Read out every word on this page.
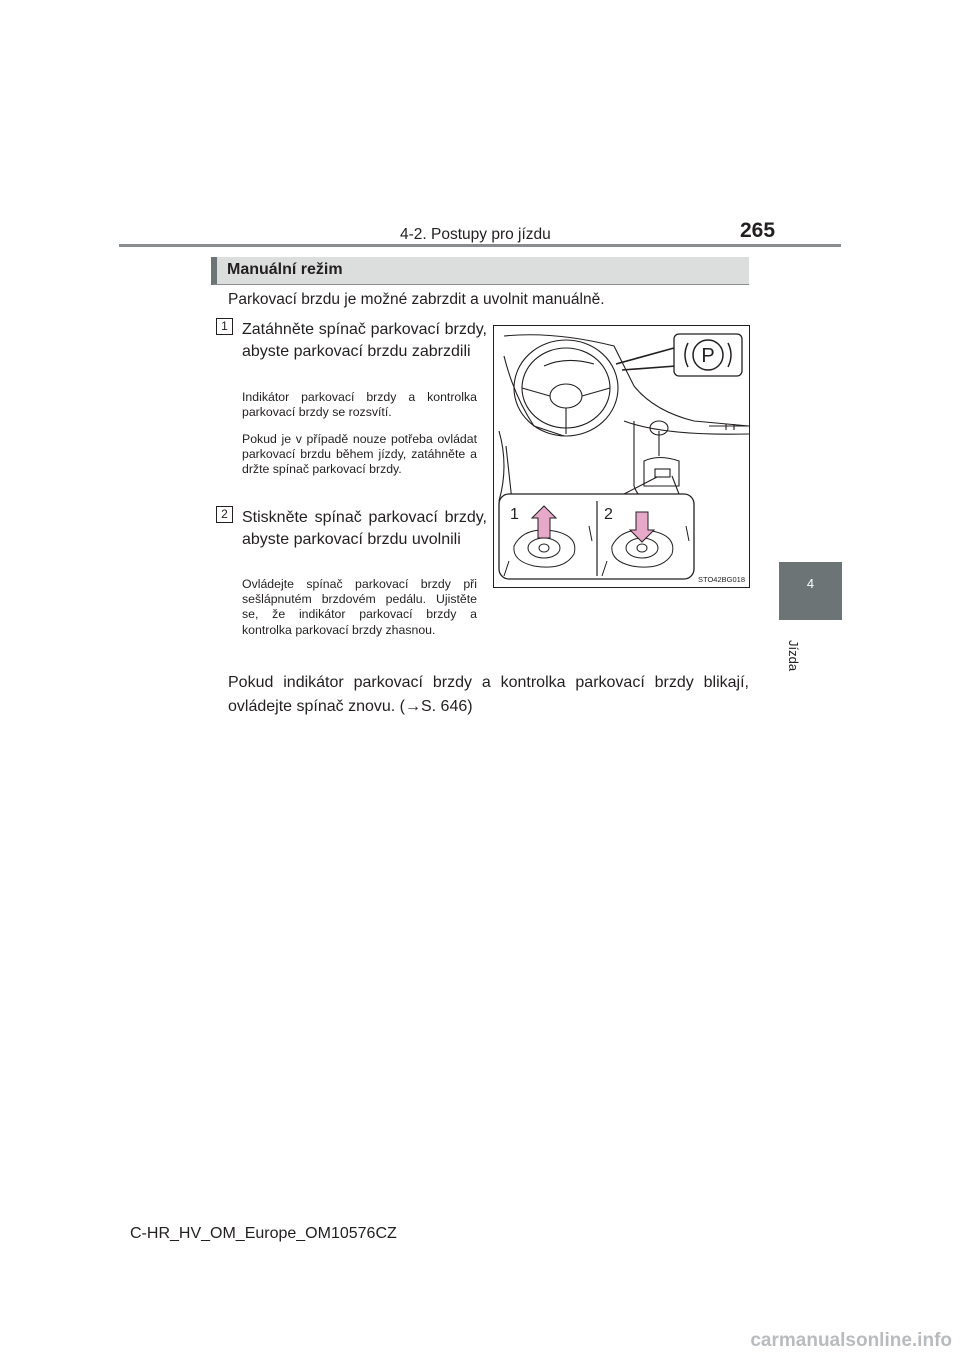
4-2. Postupy pro jízdu	265
4
Jízda
Manuální režim
Parkovací brzdu je možné zabrzdit a uvolnit manuálně.
1 Zatáhněte spínač parkovací brzdy, abyste parkovací brzdu zabrzdili
Indikátor parkovací brzdy a kontrolka parkovací brzdy se rozsvítí.
Pokud je v případě nouze potřeba ovládat parkovací brzdu během jízdy, zatáhněte a držte spínač parkovací brzdy.
2 Stiskněte spínač parkovací brzdy, abyste parkovací brzdu uvolnili
Ovládejte spínač parkovací brzdy při sešlápnutém brzdovém pedálu. Ujistěte se, že indikátor parkovací brzdy a kontrolka parkovací brzdy zhasnou.
P
1	2
STO42BG018
Pokud indikátor parkovací brzdy a kontrolka parkovací brzdy blikají, ovládejte spínač znovu. (→S. 646)
C-HR_HV_OM_Europe_OM10576CZ
carmanualsonline.info
